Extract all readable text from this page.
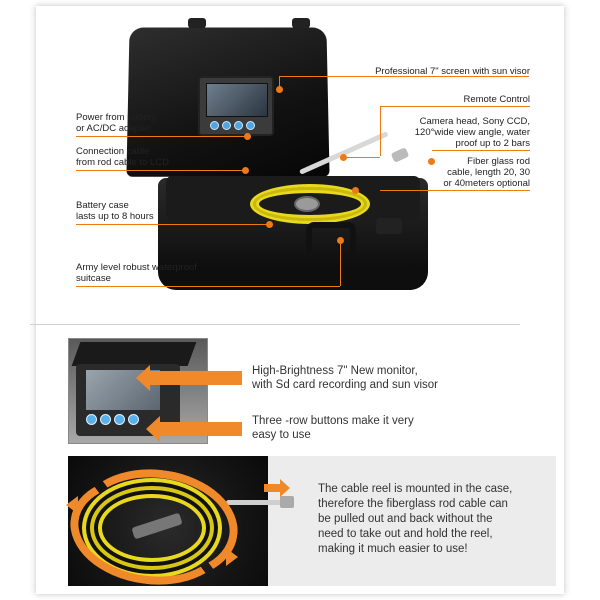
Professional 7" screen with sun visor
Power from battery
or AC/DC adapter
Remote Control
Camera head, Sony CCD,
120°wide view angle, water
proof up to 2 bars
Connection cable
from rod cable to LCD	Fiber glass rod
cable, length 20, 30
or 40meters optional
Battery case
lasts up to 8 hours
Army level robust waterproof
suitcase
High-Brightness 7" New monitor,
with Sd card recording and sun visor
Three -row buttons make it very
easy to use
The cable reel is mounted in the case,
therefore the fiberglass rod cable can
be pulled out and back without the
need to take out and hold the reel,
making it much easier to use!
